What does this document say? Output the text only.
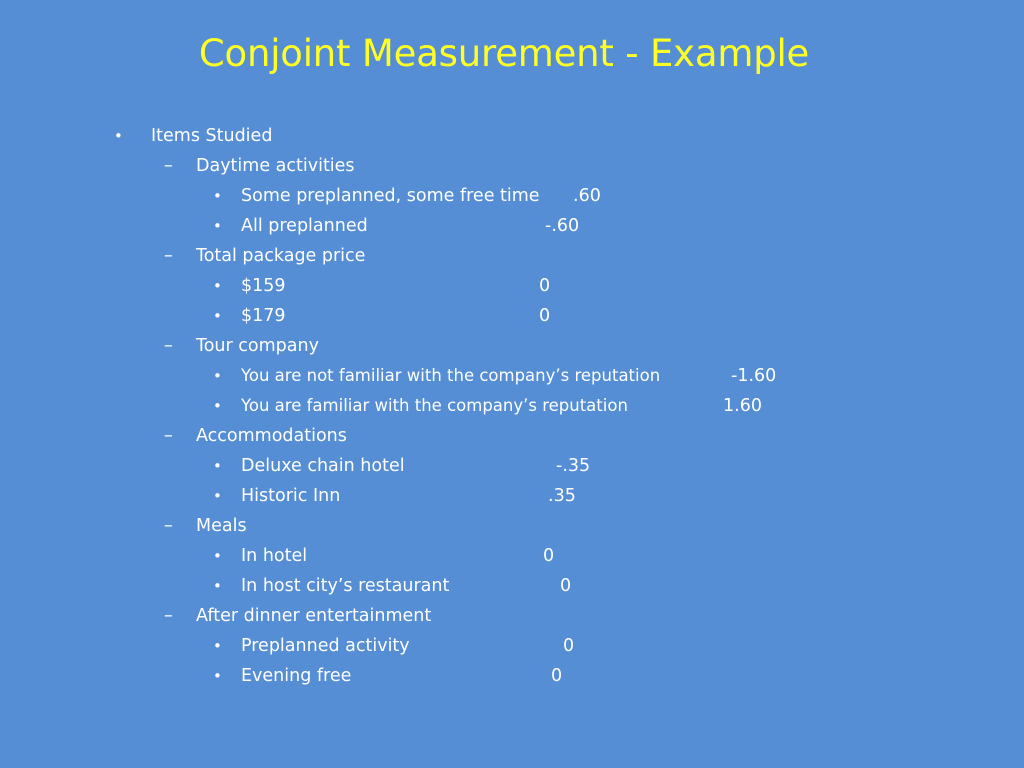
Conjoint Measurement - Example
• Items Studied
– Daytime activities
• Some preplanned, some free time .60
• All preplanned	-.60
– Total package price
• $159	0
• $179	0
– Tour company
• You are not familiar with the company’s reputation	-1.60
• You are familiar with the company’s reputation	1.60
– Accommodations
• Deluxe chain hotel	-.35
• Historic Inn	.35
– Meals
• In hotel	0
• In host city’s restaurant	0
– After dinner entertainment
• Preplanned activity	0
• Evening free	0
